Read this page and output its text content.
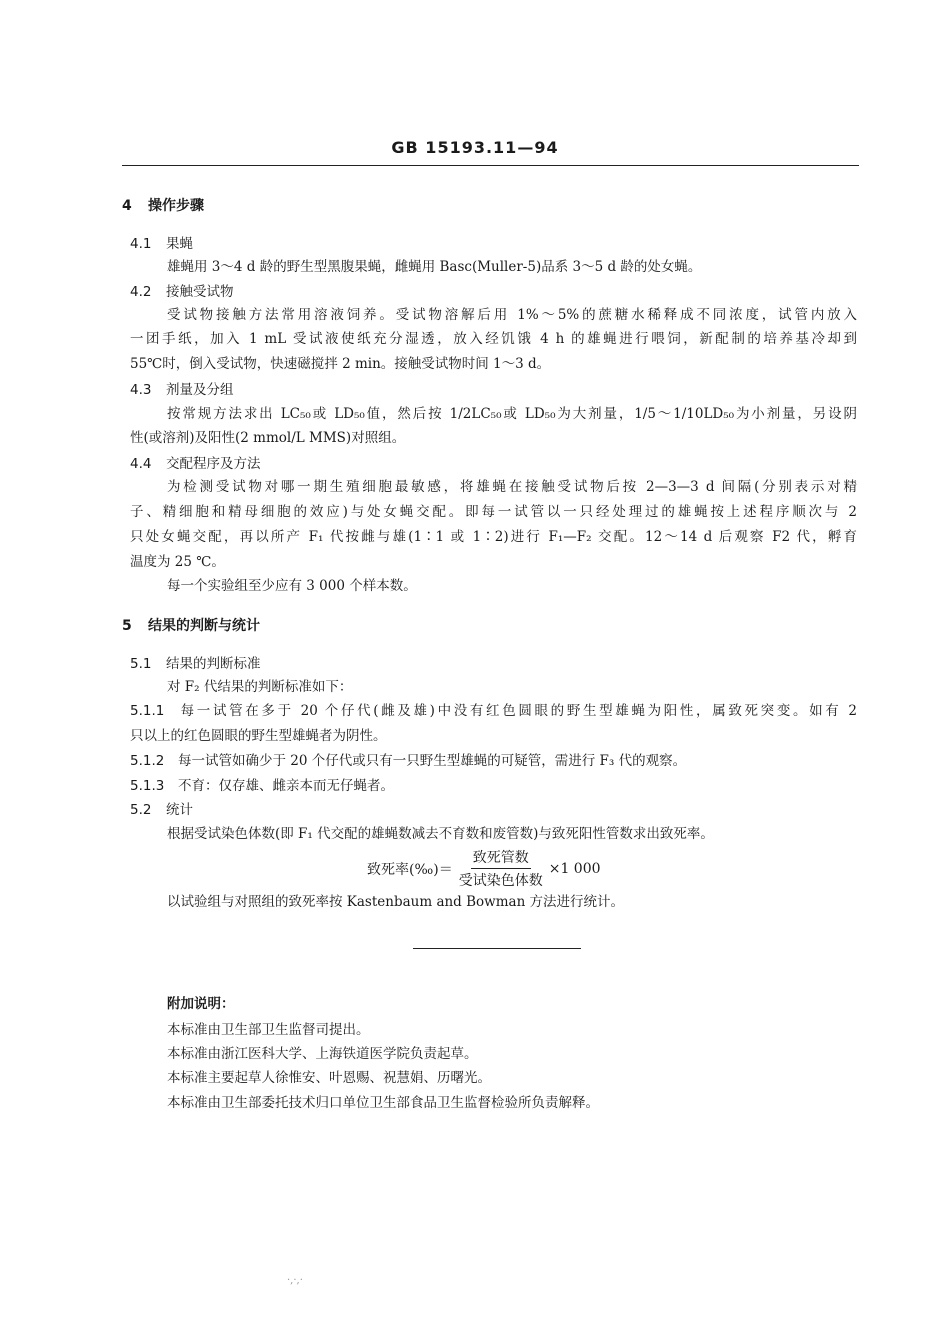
GB 15193.11—94
4 操作步骤
4.1 果蝇
雄蝇用 3～4 d 龄的野生型黑腹果蝇，雌蝇用 Basc(Muller-5)品系 3～5 d 龄的处女蝇。
4.2 接触受试物
受试物接触方法常用溶液饲养。受试物溶解后用 1%～5%的蔗糖水稀释成不同浓度，试管内放入
一团手纸，加入 1 mL 受试液使纸充分湿透，放入经饥饿 4 h 的雄蝇进行喂饲，新配制的培养基冷却到
55℃时，倒入受试物，快速磁搅拌 2 min。接触受试物时间 1～3 d。
4.3 剂量及分组
按常规方法求出 LC₅₀或 LD₅₀值，然后按 1/2LC₅₀或 LD₅₀为大剂量，1/5～1/10LD₅₀为小剂量，另设阴
性(或溶剂)及阳性(2 mmol/L MMS)对照组。
4.4 交配程序及方法
为检测受试物对哪一期生殖细胞最敏感，将雄蝇在接触受试物后按 2—3—3 d 间隔(分别表示对精
子、精细胞和精母细胞的效应)与处女蝇交配。即每一试管以一只经处理过的雄蝇按上述程序顺次与 2
只处女蝇交配，再以所产 F₁ 代按雌与雄(1∶1 或 1∶2)进行 F₁—F₂ 交配。12～14 d 后观察 F2 代，孵育
温度为 25 ℃。
每一个实验组至少应有 3 000 个样本数。
5 结果的判断与统计
5.1 结果的判断标准
对 F₂ 代结果的判断标准如下：
5.1.1 每一试管在多于 20 个仔代(雌及雄)中没有红色圆眼的野生型雄蝇为阳性，属致死突变。如有 2
只以上的红色圆眼的野生型雄蝇者为阴性。
5.1.2 每一试管如确少于 20 个仔代或只有一只野生型雄蝇的可疑管，需进行 F₃ 代的观察。
5.1.3 不育：仅存雄、雌亲本而无仔蝇者。
5.2 统计
根据受试染色体数(即 F₁ 代交配的雄蝇数减去不育数和废管数)与致死阳性管数求出致死率。
致死率(‰)＝ $\frac{\text{致死管数}}{\text{受试染色体数}} \times 1$ 000
以试验组与对照组的致死率按 Kastenbaum and Bowman 方法进行统计。
附加说明：
本标准由卫生部卫生监督司提出。
本标准由浙江医科大学、上海铁道医学院负责起草。
本标准主要起草人徐惟安、叶恩赐、祝慧娟、历曙光。
本标准由卫生部委托技术归口单位卫生部食品卫生监督检验所负责解释。
·,·,·
